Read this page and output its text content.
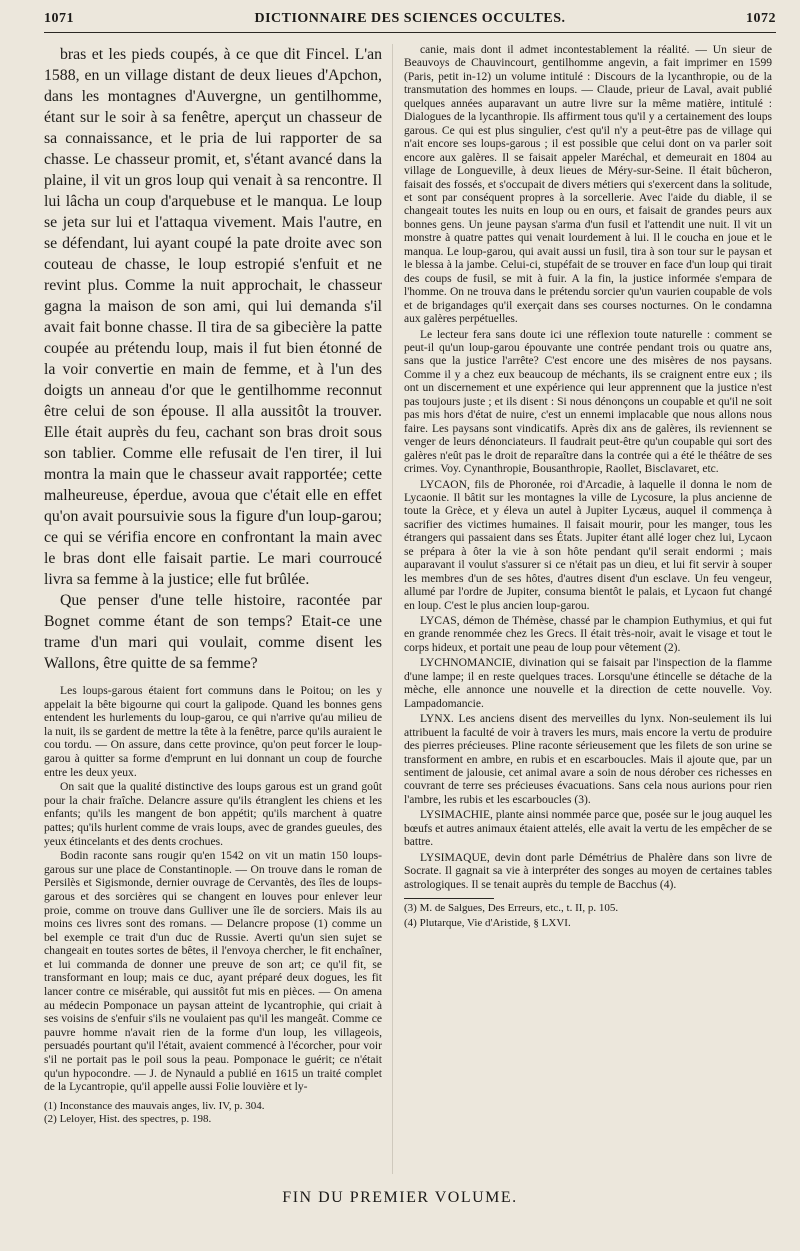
1071	DICTIONNAIRE DES SCIENCES OCCULTES.	1072

bras et les pieds coupés, à ce que dit Fincel. L'an 1588, en un village distant de deux lieues d'Apchon, dans les montagnes d'Auvergne, un gentilhomme, étant sur le soir à sa fenêtre, aperçut un chasseur de sa connaissance, et le pria de lui rapporter de sa chasse. Le chasseur promit, et, s'étant avancé dans la plaine, il vit un gros loup qui venait à sa rencontre. Il lui lâcha un coup d'arquebuse et le manqua. Le loup se jeta sur lui et l'attaqua vivement. Mais l'autre, en se défendant, lui ayant coupé la pate droite avec son couteau de chasse, le loup estropié s'enfuit et ne revint plus. Comme la nuit approchait, le chasseur gagna la maison de son ami, qui lui demanda s'il avait fait bonne chasse. Il tira de sa gibecière la patte coupée au prétendu loup, mais il fut bien étonné de la voir convertie en main de femme, et à l'un des doigts un anneau d'or que le gentilhomme reconnut être celui de son épouse. Il alla aussitôt la trouver. Elle était auprès du feu, cachant son bras droit sous son tablier. Comme elle refusait de l'en tirer, il lui montra la main que le chasseur avait rapportée; cette malheureuse, éperdue, avoua que c'était elle en effet qu'on avait poursuivie sous la figure d'un loup-garou; ce qui se vérifia encore en confrontant la main avec le bras dont elle faisait partie. Le mari courroucé livra sa femme à la justice; elle fut brûlée.

Que penser d'une telle histoire, racontée par Bognet comme étant de son temps? Etait-ce une trame d'un mari qui voulait, comme disent les Wallons, être quitte de sa femme?

Les loups-garous étaient fort communs dans le Poitou; on les y appelait la bête bigourne qui court la galipode. Quand les bonnes gens entendent les hurlements du loup-garou, ce qui n'arrive qu'au milieu de la nuit, ils se gardent de mettre la tête à la fenêtre, parce qu'ils auraient le cou tordu. — On assure, dans cette province, qu'on peut forcer le loup-garou à quitter sa forme d'emprunt en lui donnant un coup de fourche entre les deux yeux.

On sait que la qualité distinctive des loups garous est un grand goût pour la chair fraîche. Delancre assure qu'ils étranglent les chiens et les enfants; qu'ils les mangent de bon appétit; qu'ils marchent à quatre pattes; qu'ils hurlent comme de vrais loups, avec de grandes gueules, des yeux étincelants et des dents crochues.

Bodin raconte sans rougir qu'en 1542 on vit un matin 150 loups-garous sur une place de Constantinople. — On trouve dans le roman de Persilès et Sigismonde, dernier ouvrage de Cervantès, des îles de loups-garous et des sorcières qui se changent en louves pour enlever leur proie, comme on trouve dans Gulliver une île de sorciers. Mais ils au moins ces livres sont des romans. — Delancre propose (1) comme un bel exemple ce trait d'un duc de Russie. Averti qu'un sien sujet se changeait en toutes sortes de bêtes, il l'envoya chercher, le fit enchaîner, et lui commanda de donner une preuve de son art; ce qu'il fit, se transformant en loup; mais ce duc, ayant préparé deux dogues, les fit lancer contre ce misérable, qui aussitôt fut mis en pièces. — On amena au médecin Pomponace un paysan atteint de lycantrophie, qui criait à ses voisins de s'enfuir s'ils ne voulaient pas qu'il les mangeât. Comme ce pauvre homme n'avait rien de la forme d'un loup, les villageois, persuadés pourtant qu'il l'était, avaient commencé à l'écorcher, pour voir s'il ne portait pas le poil sous la peau. Pomponace le guérit; ce n'était qu'un hypocondre. — J. de Nynauld a publié en 1615 un traité complet de la Lycantropie, qu'il appelle aussi Folie louvière et ly-

(1) Inconstance des mauvais anges, liv. IV, p. 304.

(2) Leloyer, Hist. des spectres, p. 198.

canie, mais dont il admet incontestablement la réalité. — Un sieur de Beauvoys de Chauvincourt, gentilhomme angevin, a fait imprimer en 1599 (Paris, petit in-12) un volume intitulé : Discours de la lycanthropie, ou de la transmutation des hommes en loups. — Claude, prieur de Laval, avait publié quelques années auparavant un autre livre sur la même matière, intitulé : Dialogues de la lycanthropie. Ils affirment tous qu'il y a certainement des loups garous. Ce qui est plus singulier, c'est qu'il n'y a peut-être pas de village qui n'ait encore ses loups-garous ; il est possible que celui dont on va parler soit encore aux galères. Il se faisait appeler Maréchal, et demeurait en 1804 au village de Longueville, à deux lieues de Méry-sur-Seine. Il était bûcheron, faisait des fossés, et s'occupait de divers métiers qui s'exercent dans la solitude, et sont par conséquent propres à la sorcellerie. Avec l'aide du diable, il se changeait toutes les nuits en loup ou en ours, et faisait de grandes peurs aux bonnes gens. Un jeune paysan s'arma d'un fusil et l'attendit une nuit. Il vit un monstre à quatre pattes qui venait lourdement à lui. Il le coucha en joue et le manqua. Le loup-garou, qui avait aussi un fusil, tira à son tour sur le paysan et le blessa à la jambe. Celui-ci, stupéfait de se trouver en face d'un loup qui tirait des coups de fusil, se mit à fuir. A la fin, la justice informée s'empara de l'homme. On ne trouva dans le prétendu sorcier qu'un vaurien coupable de vols et de brigandages qu'il exerçait dans ses courses nocturnes. On le condamna aux galères perpétuelles.

Le lecteur fera sans doute ici une réflexion toute naturelle : comment se peut-il qu'un loup-garou épouvante une contrée pendant trois ou quatre ans, sans que la justice l'arrête? C'est encore une des misères de nos paysans. Comme il y a chez eux beaucoup de méchants, ils se craignent entre eux ; ils ont un discernement et une expérience qui leur apprennent que la justice n'est pas toujours juste ; et ils disent : Si nous dénonçons un coupable et qu'il ne soit pas mis hors d'état de nuire, c'est un ennemi implacable que nous allons nous faire. Les paysans sont vindicatifs. Après dix ans de galères, ils reviennent se venger de leurs dénonciateurs. Il faudrait peut-être qu'un coupable qui sort des galères n'eût pas le droit de reparaître dans la contrée qui a été le théâtre de ses crimes. Voy. Cynanthropie, Bousanthropie, Raollet, Bisclavaret, etc.

LYCAON, fils de Phoronée, roi d'Arcadie, à laquelle il donna le nom de Lycaonie. Il bâtit sur les montagnes la ville de Lycosure, la plus ancienne de toute la Grèce, et y éleva un autel à Jupiter Lycæus, auquel il commença à sacrifier des victimes humaines. Il faisait mourir, pour les manger, tous les étrangers qui passaient dans ses États. Jupiter étant allé loger chez lui, Lycaon se prépara à ôter la vie à son hôte pendant qu'il serait endormi ; mais auparavant il voulut s'assurer si ce n'était pas un dieu, et lui fit servir à souper les membres d'un de ses hôtes, d'autres disent d'un esclave. Un feu vengeur, allumé par l'ordre de Jupiter, consuma bientôt le palais, et Lycaon fut changé en loup. C'est le plus ancien loup-garou.

LYCAS, démon de Thémèse, chassé par le champion Euthymius, et qui fut en grande renommée chez les Grecs. Il était très-noir, avait le visage et tout le corps hideux, et portait une peau de loup pour vêtement (2).

LYCHNOMANCIE, divination qui se faisait par l'inspection de la flamme d'une lampe; il en reste quelques traces. Lorsqu'une étincelle se détache de la mèche, elle annonce une nouvelle et la direction de cette nouvelle. Voy. Lampadomancie.

LYNX. Les anciens disent des merveilles du lynx. Non-seulement ils lui attribuent la faculté de voir à travers les murs, mais encore la vertu de produire des pierres précieuses. Pline raconte sérieusement que les filets de son urine se transforment en ambre, en rubis et en escarboucles. Mais il ajoute que, par un sentiment de jalousie, cet animal avare a soin de nous dérober ces richesses en couvrant de terre ses précieuses évacuations. Sans cela nous aurions pour rien l'ambre, les rubis et les escarboucles (3).

LYSIMACHIE, plante ainsi nommée parce que, posée sur le joug auquel les bœufs et autres animaux étaient attelés, elle avait la vertu de les empêcher de se battre.

LYSIMAQUE, devin dont parle Démétrius de Phalère dans son livre de Socrate. Il gagnait sa vie à interpréter des songes au moyen de certaines tables astrologiques. Il se tenait auprès du temple de Bacchus (4).

(3) M. de Salgues, Des Erreurs, etc., t. II, p. 105.

(4) Plutarque, Vie d'Aristide, § LXVI.

FIN DU PREMIER VOLUME.
